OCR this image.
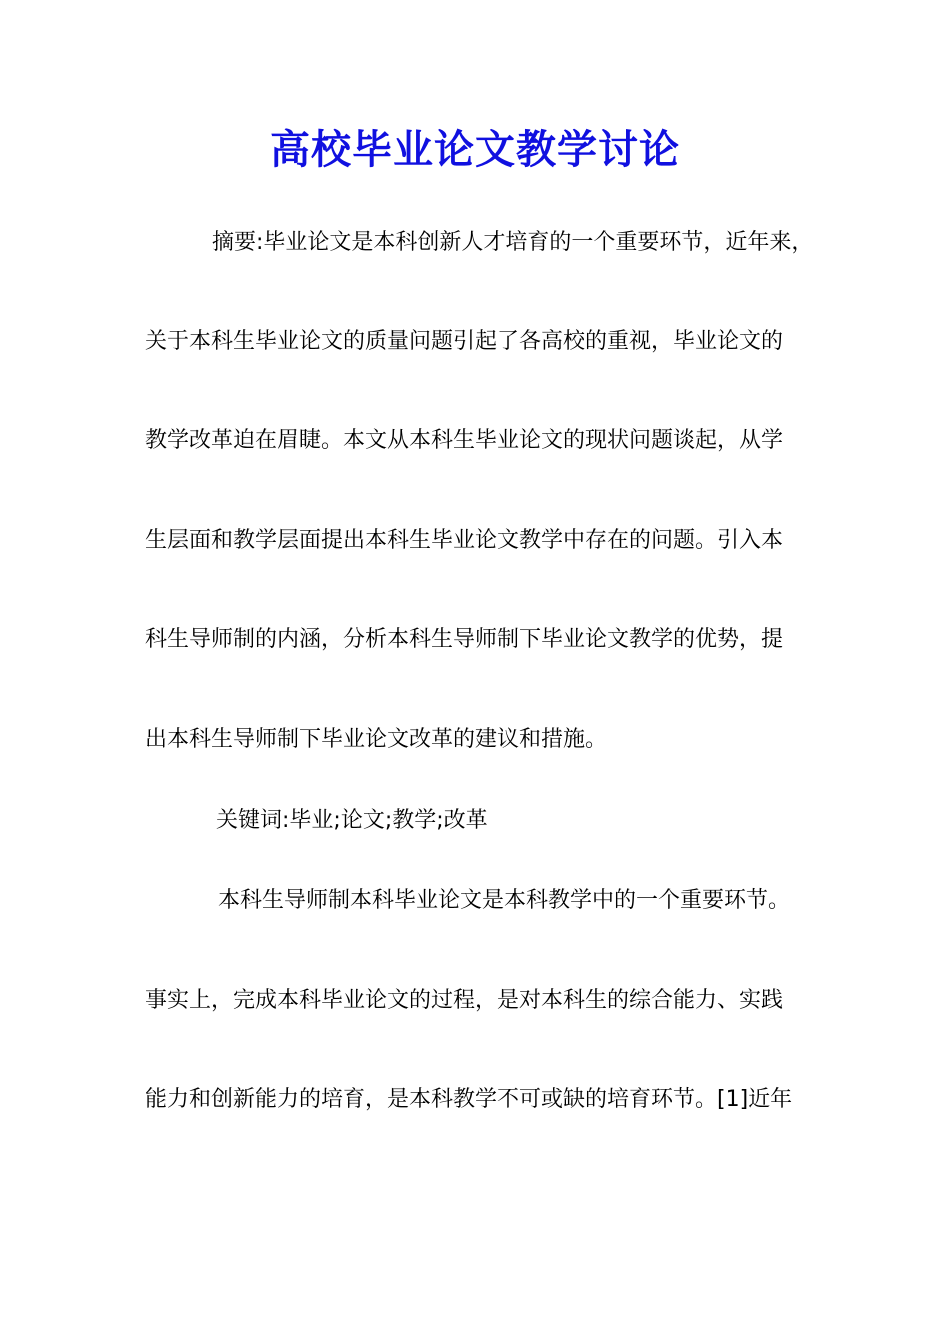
高校毕业论文教学讨论
摘要:毕业论文是本科创新人才培育的一个重要环节，近年来，
关于本科生毕业论文的质量问题引起了各高校的重视，毕业论文的
教学改革迫在眉睫。本文从本科生毕业论文的现状问题谈起，从学
生层面和教学层面提出本科生毕业论文教学中存在的问题。引入本
科生导师制的内涵，分析本科生导师制下毕业论文教学的优势，提
出本科生导师制下毕业论文改革的建议和措施。
关键词:毕业;论文;教学;改革
本科生导师制本科毕业论文是本科教学中的一个重要环节。
事实上，完成本科毕业论文的过程，是对本科生的综合能力、实践
能力和创新能力的培育，是本科教学不可或缺的培育环节。[1]近年
